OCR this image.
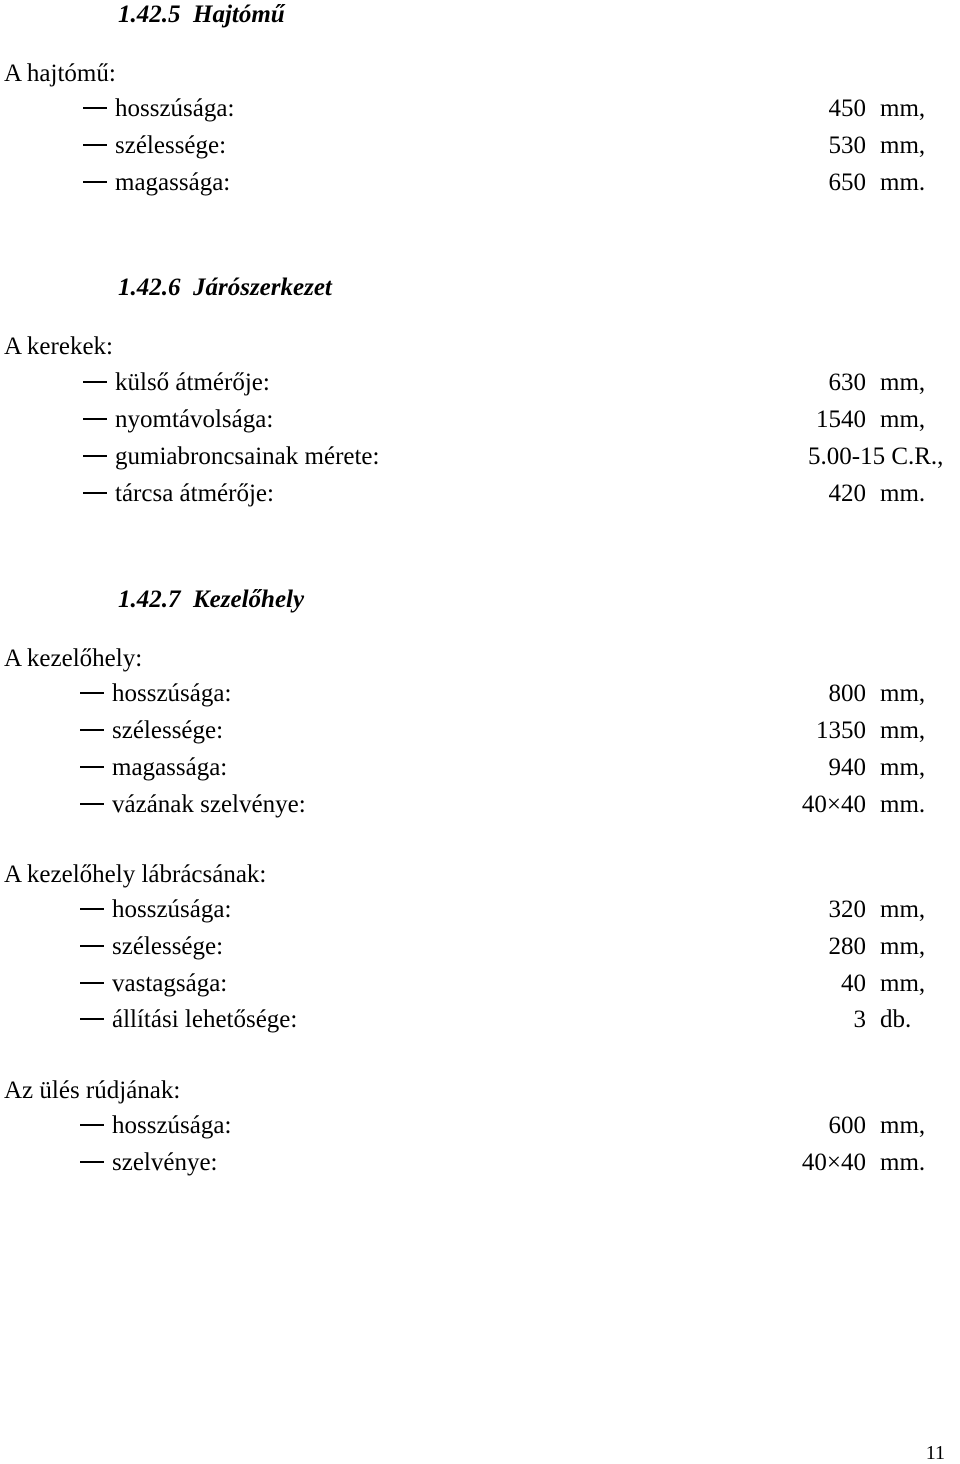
1.42.5  Hajtómű
A hajtómű:
hosszúsága:	450 mm,
szélessége:	530 mm,
magassága:	650 mm.
1.42.6  Járószerkezet
A kerekek:
külső átmérője:	630 mm,
nyomtávolsága:	1540 mm,
gumiabroncsainak mérete:	5.00-15 C.R.,
tárcsa átmérője:	420 mm.
1.42.7  Kezelőhely
A kezelőhely:
hosszúsága:	800 mm,
szélessége:	1350 mm,
magassága:	940 mm,
vázának szelvénye:	40×40 mm.
A kezelőhely lábrácsának:
hosszúsága:	320 mm,
szélessége:	280 mm,
vastagsága:	40 mm,
állítási lehetősége:	3 db.
Az ülés rúdjának:
hosszúsága:	600 mm,
szelvénye:	40×40 mm.
11
